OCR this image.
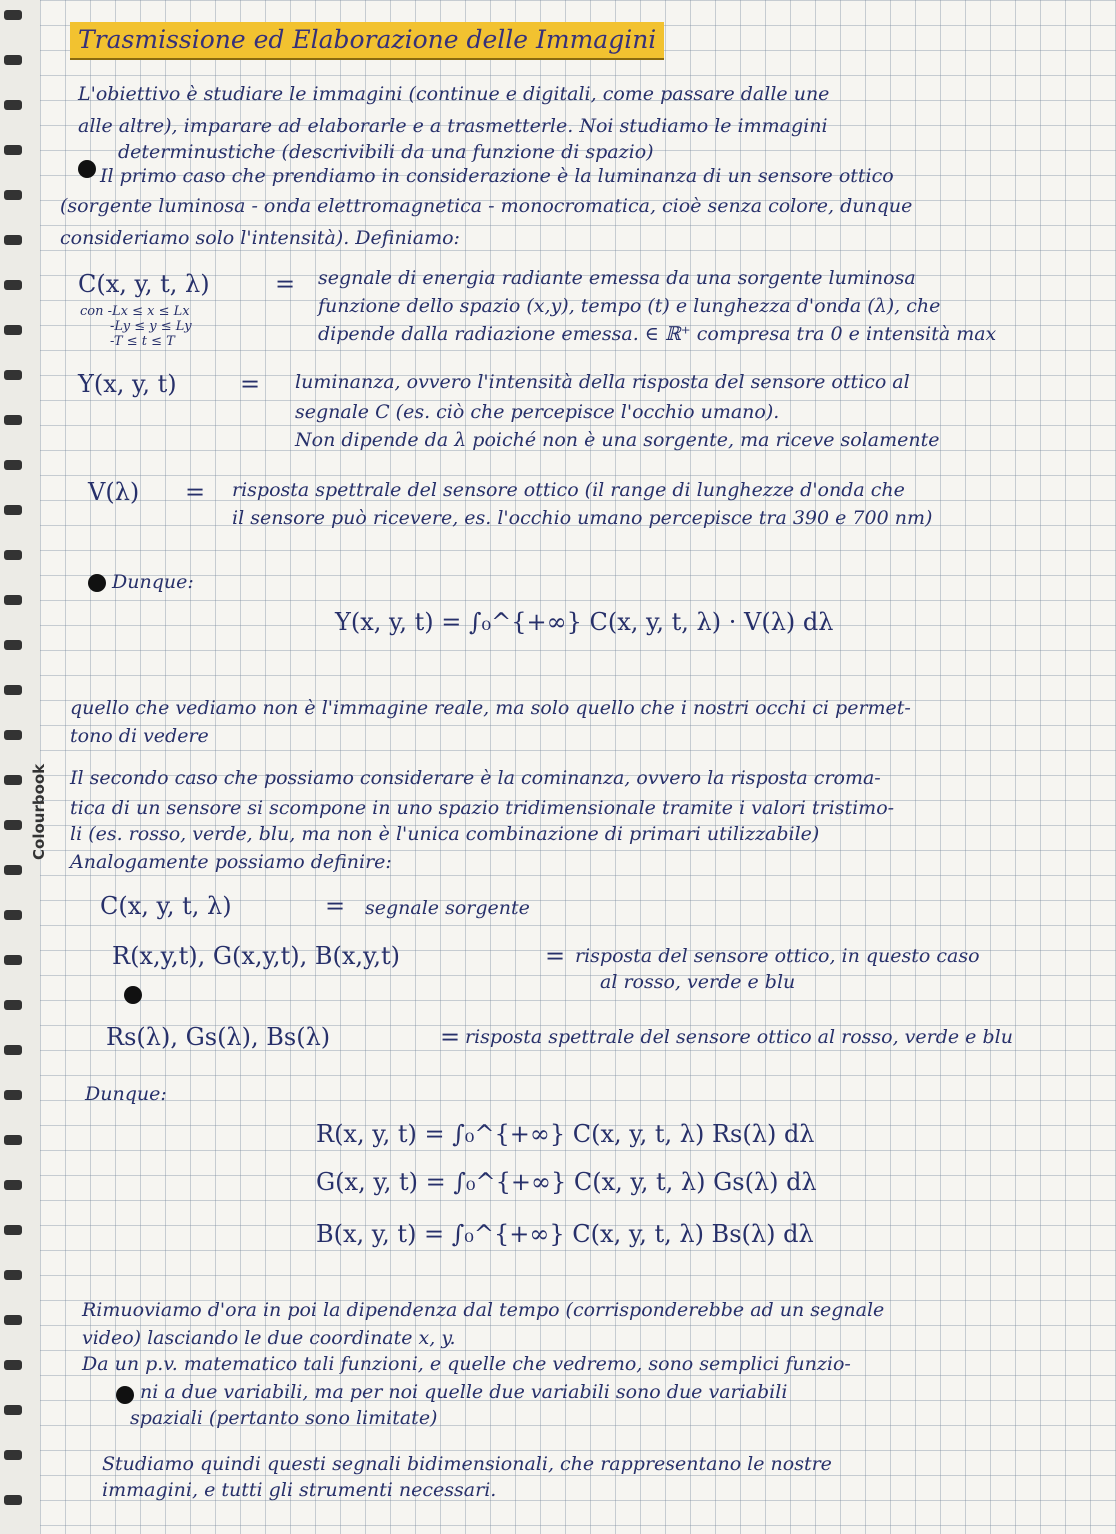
Colourbook
Trasmissione ed Elaborazione delle Immagini
L'obiettivo è studiare le immagini (continue e digitali, come passare dalle une
alle altre), imparare ad elaborarle e a trasmetterle. Noi studiamo le immagini
determinustiche (descrivibili da una funzione di spazio)
Il primo caso che prendiamo in considerazione è la luminanza di un sensore ottico
(sorgente luminosa - onda elettromagnetica - monocromatica, cioè senza colore, dunque
consideriamo solo l'intensità). Definiamo:
C(x, y, t, λ)	= segnale di energia radiante emessa da una sorgente luminosa
funzione dello spazio (x,y), tempo (t) e lunghezza d'onda (λ), che
dipende dalla radiazione emessa. ∈ ℝ⁺ compresa tra 0 e intensità max
con -Lx ≤ x ≤ Lx
-Ly ≤ y ≤ Ly
-T ≤ t ≤ T
Y(x, y, t)	= luminanza, ovvero l'intensità della risposta del sensore ottico al
segnale C (es. ciò che percepisce l'occhio umano).
Non dipende da λ poiché non è una sorgente, ma riceve solamente
V(λ) = risposta spettrale del sensore ottico (il range di lunghezze d'onda che
il sensore può ricevere, es. l'occhio umano percepisce tra 390 e 700 nm)
Dunque:
Y(x, y, t) = ∫₀^{+∞} C(x, y, t, λ) · V(λ) dλ
quello che vediamo non è l'immagine reale, ma solo quello che i nostri occhi ci permet-
tono di vedere
Il secondo caso che possiamo considerare è la cominanza, ovvero la risposta croma-
tica di un sensore si scompone in uno spazio tridimensionale tramite i valori tristimo-
li (es. rosso, verde, blu, ma non è l'unica combinazione di primari utilizzabile)
Analogamente possiamo definire:
C(x, y, t, λ)	= segnale sorgente
R(x,y,t), G(x,y,t), B(x,y,t)	= risposta del sensore ottico, in questo caso
al rosso, verde e blu
Rs(λ), Gs(λ), Bs(λ)	= risposta spettrale del sensore ottico al rosso, verde e blu
Dunque:
R(x, y, t) = ∫₀^{+∞} C(x, y, t, λ) Rs(λ) dλ
G(x, y, t) = ∫₀^{+∞} C(x, y, t, λ) Gs(λ) dλ
B(x, y, t) = ∫₀^{+∞} C(x, y, t, λ) Bs(λ) dλ
Rimuoviamo d'ora in poi la dipendenza dal tempo (corrisponderebbe ad un segnale
video) lasciando le due coordinate x, y.
Da un p.v. matematico tali funzioni, e quelle che vedremo, sono semplici funzio-
ni a due variabili, ma per noi quelle due variabili sono due variabili
spaziali (pertanto sono limitate)
Studiamo quindi questi segnali bidimensionali, che rappresentano le nostre
immagini, e tutti gli strumenti necessari.
